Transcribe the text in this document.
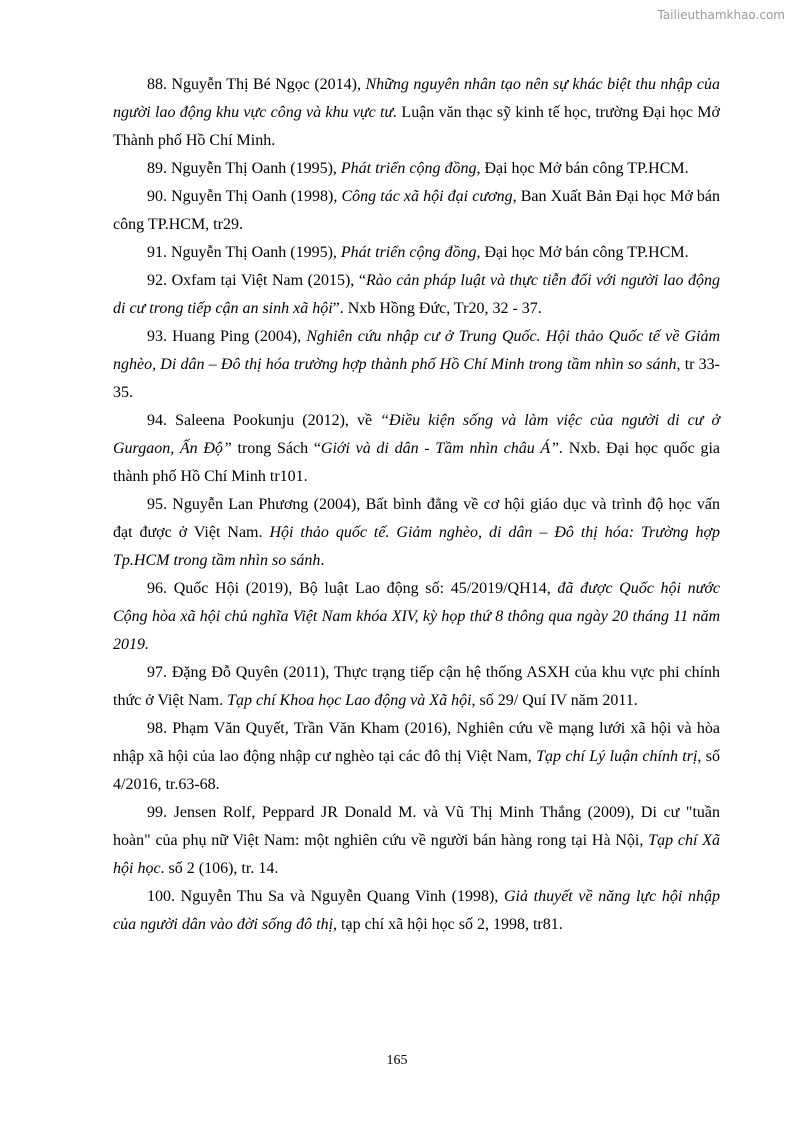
Tailieuthamkhao.com

88. Nguyễn Thị Bé Ngọc (2014), Những nguyên nhân tạo nên sự khác biệt thu nhập của người lao động khu vực công và khu vực tư. Luận văn thạc sỹ kinh tế học, trường Đại học Mở Thành phố Hồ Chí Minh.

89. Nguyễn Thị Oanh (1995), Phát triển cộng đồng, Đại học Mở bán công TP.HCM.

90. Nguyễn Thị Oanh (1998), Công tác xã hội đại cương, Ban Xuất Bản Đại học Mở bán công TP.HCM, tr29.

91. Nguyễn Thị Oanh (1995), Phát triển cộng đồng, Đại học Mở bán công TP.HCM.

92. Oxfam tại Việt Nam (2015), “Rào cản pháp luật và thực tiễn đối với người lao động di cư trong tiếp cận an sinh xã hội”. Nxb Hồng Đức, Tr20, 32 - 37.

93. Huang Ping (2004), Nghiên cứu nhập cư ở Trung Quốc. Hội thảo Quốc tế về Giảm nghèo, Di dân – Đô thị hóa trường hợp thành phố Hồ Chí Minh trong tầm nhìn so sánh, tr 33- 35.

94. Saleena Pookunju (2012), về “Điều kiện sống và làm việc của người di cư ở Gurgaon, Ấn Độ” trong Sách “Giới và di dân - Tầm nhìn châu Á”. Nxb. Đại học quốc gia thành phố Hồ Chí Minh tr101.

95. Nguyễn Lan Phương (2004), Bất bình đẳng về cơ hội giáo dục và trình độ học vấn đạt được ở Việt Nam. Hội thảo quốc tế. Giảm nghèo, di dân – Đô thị hóa: Trường hợp Tp.HCM trong tầm nhìn so sánh.

96. Quốc Hội (2019), Bộ luật Lao động số: 45/2019/QH14, đã được Quốc hội nước Cộng hòa xã hội chủ nghĩa Việt Nam khóa XIV, kỳ họp thứ 8 thông qua ngày 20 tháng 11 năm 2019.

97. Đặng Đỗ Quyên (2011), Thực trạng tiếp cận hệ thống ASXH của khu vực phi chính thức ở Việt Nam. Tạp chí Khoa học Lao động và Xã hội, số 29/ Quí IV năm 2011.

98. Phạm Văn Quyết, Trần Văn Kham (2016), Nghiên cứu về mạng lưới xã hội và hòa nhập xã hội của lao động nhập cư nghèo tại các đô thị Việt Nam, Tạp chí Lý luận chính trị, số 4/2016, tr.63-68.

99. Jensen Rolf, Peppard JR Donald M. và Vũ Thị Minh Thắng (2009), Di cư "tuần hoàn" của phụ nữ Việt Nam: một nghiên cứu về người bán hàng rong tại Hà Nội, Tạp chí Xã hội học. số 2 (106), tr. 14.

100. Nguyễn Thu Sa và Nguyễn Quang Vinh (1998), Giả thuyết về năng lực hội nhập của người dân vào đời sống đô thị, tạp chí xã hội học số 2, 1998, tr81.

165
